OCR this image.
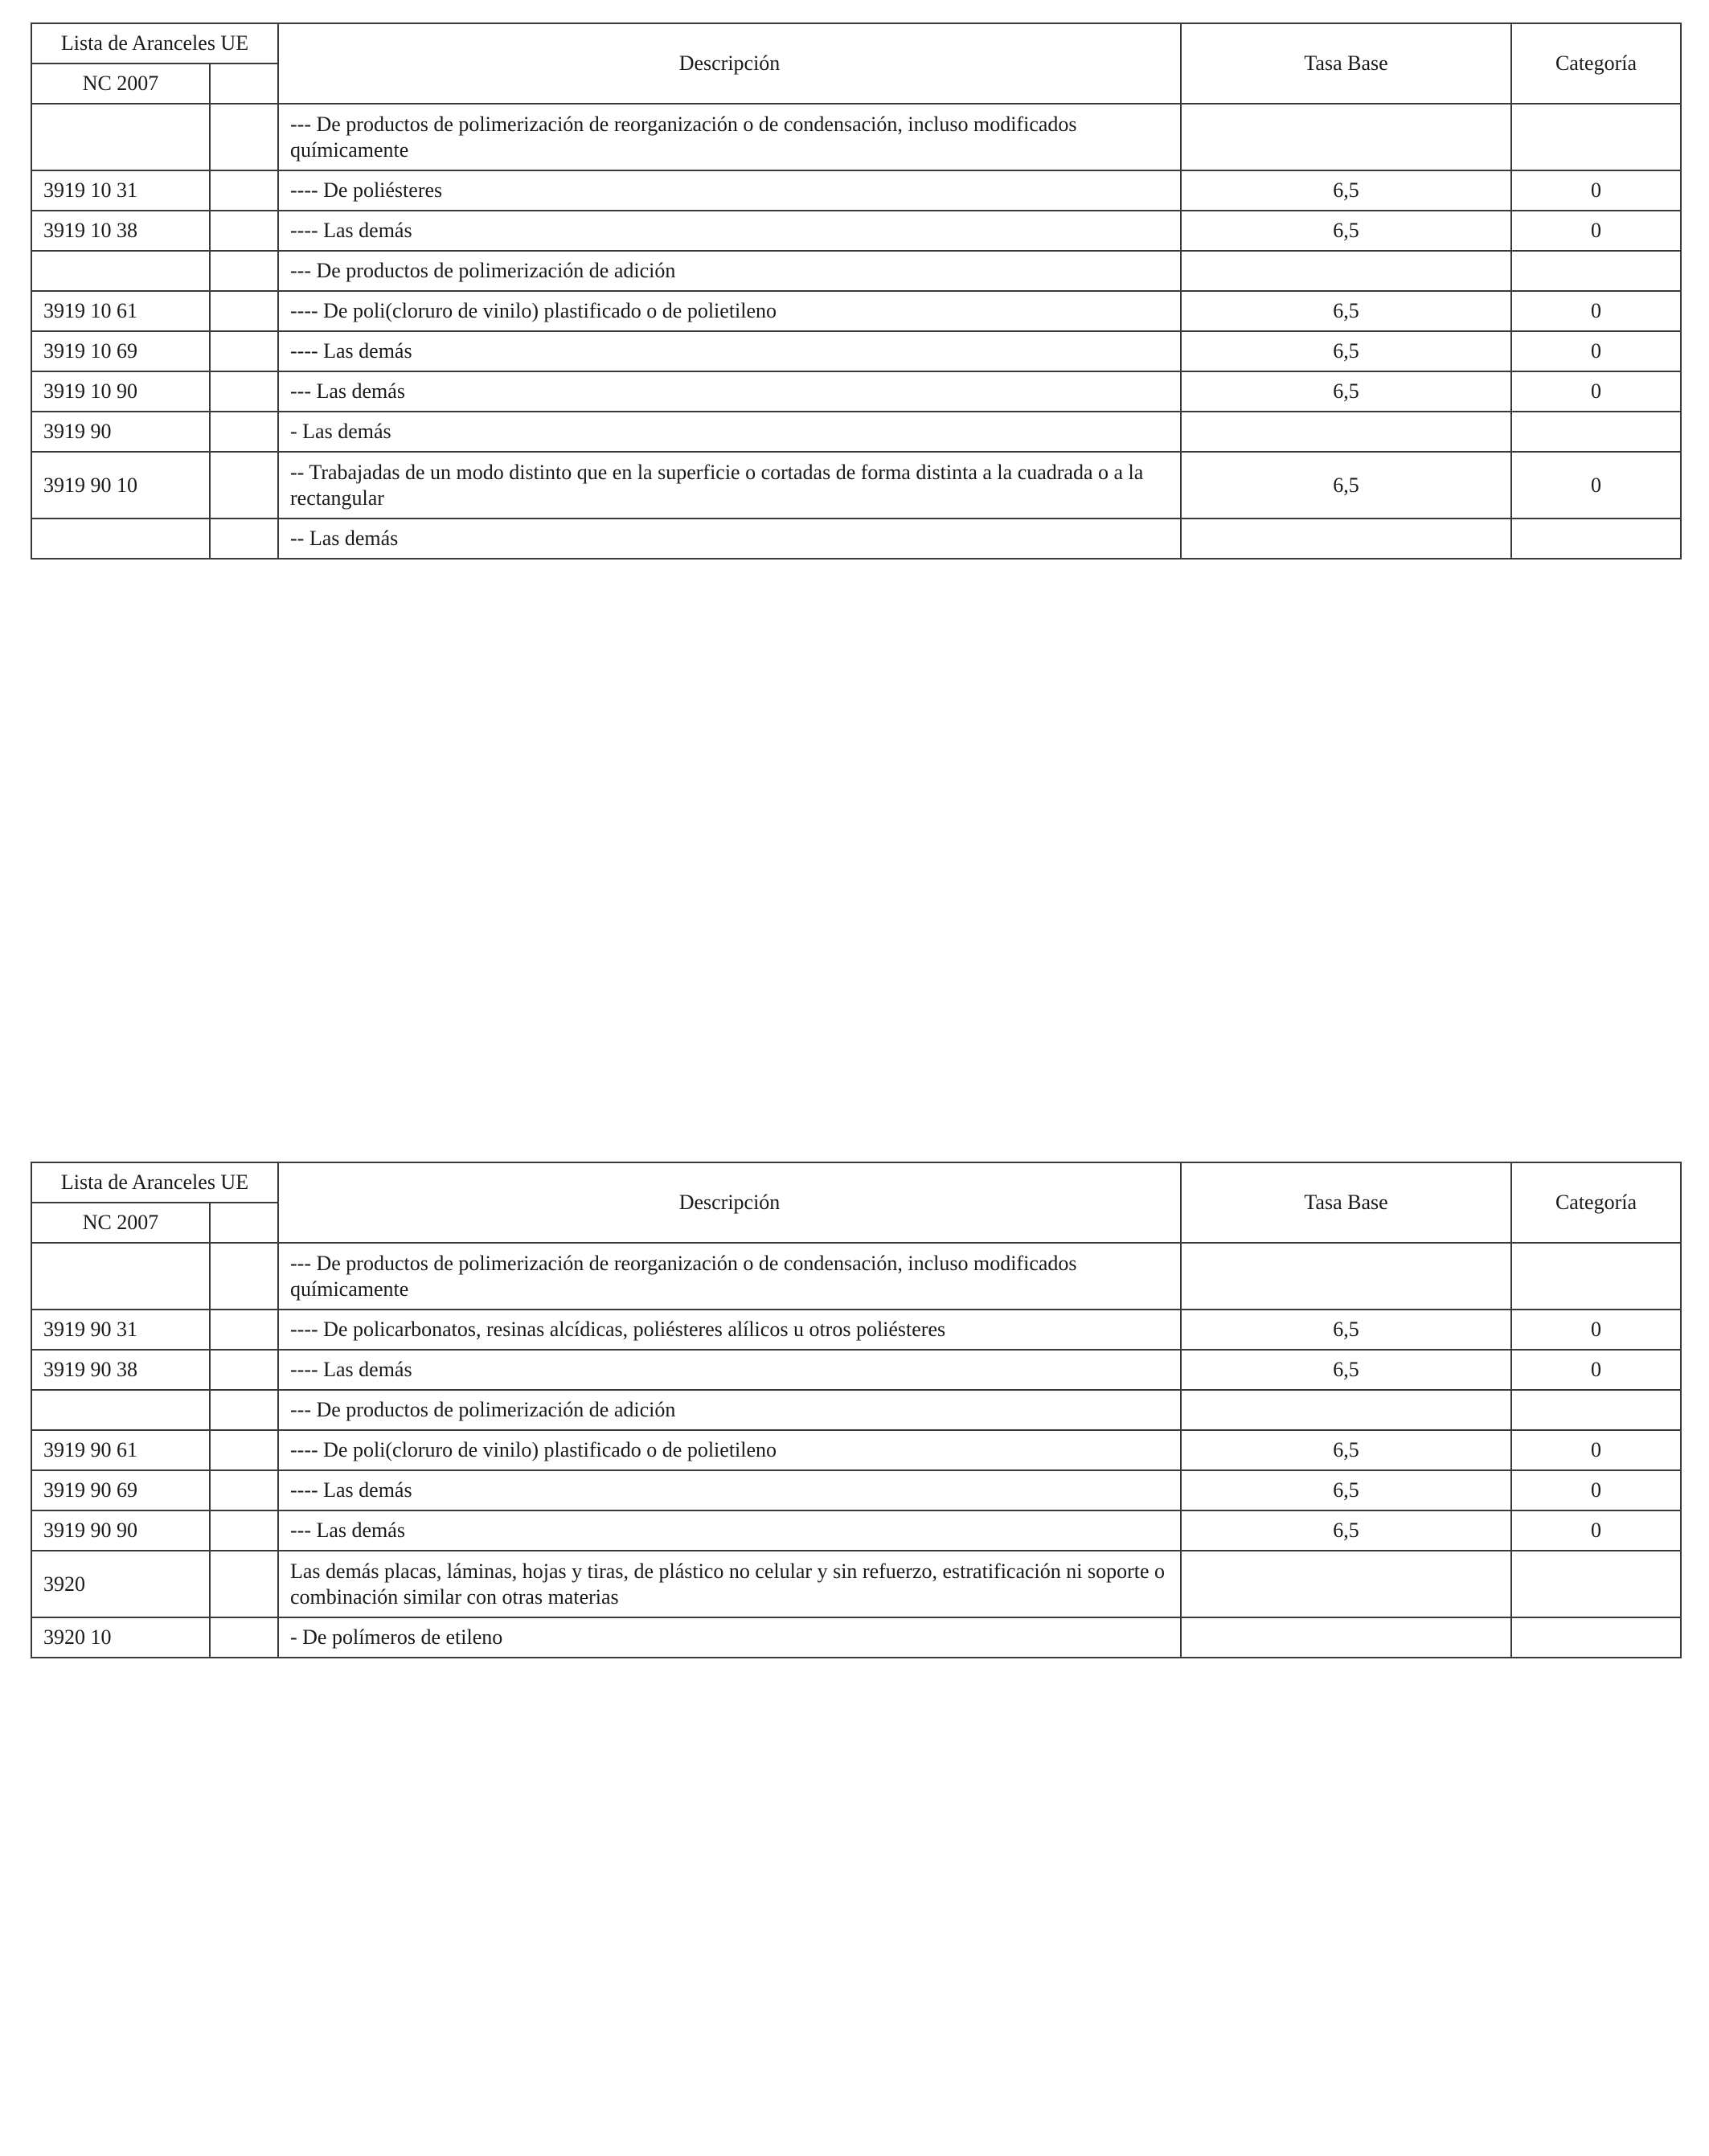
Lista de Aranceles UE		Descripción	Tasa Base	Categoría
NC 2007				
		--- De productos de polimerización de reorganización o de condensación, incluso modificados químicamente		
3919 10 31		---- De poliésteres	6,5	0
3919 10 38		---- Las demás	6,5	0
		--- De productos de polimerización de adición		
3919 10 61		---- De poli(cloruro de vinilo) plastificado o de polietileno	6,5	0
3919 10 69		---- Las demás	6,5	0
3919 10 90		--- Las demás	6,5	0
3919 90		- Las demás		
3919 90 10		-- Trabajadas de un modo distinto que en la superficie o cortadas de forma distinta a la cuadrada o a la rectangular	6,5	0
		-- Las demás		
Lista de Aranceles UE		Descripción	Tasa Base	Categoría
NC 2007				
		--- De productos de polimerización de reorganización o de condensación, incluso modificados químicamente		
3919 90 31		---- De policarbonatos, resinas alcídicas, poliésteres alílicos u otros poliésteres	6,5	0
3919 90 38		---- Las demás	6,5	0
		--- De productos de polimerización de adición		
3919 90 61		---- De poli(cloruro de vinilo) plastificado o de polietileno	6,5	0
3919 90 69		---- Las demás	6,5	0
3919 90 90		--- Las demás	6,5	0
3920		Las demás placas, láminas, hojas y tiras, de plástico no celular y sin refuerzo, estratificación ni soporte o combinación similar con otras materias		
3920 10		- De polímeros de etileno		
